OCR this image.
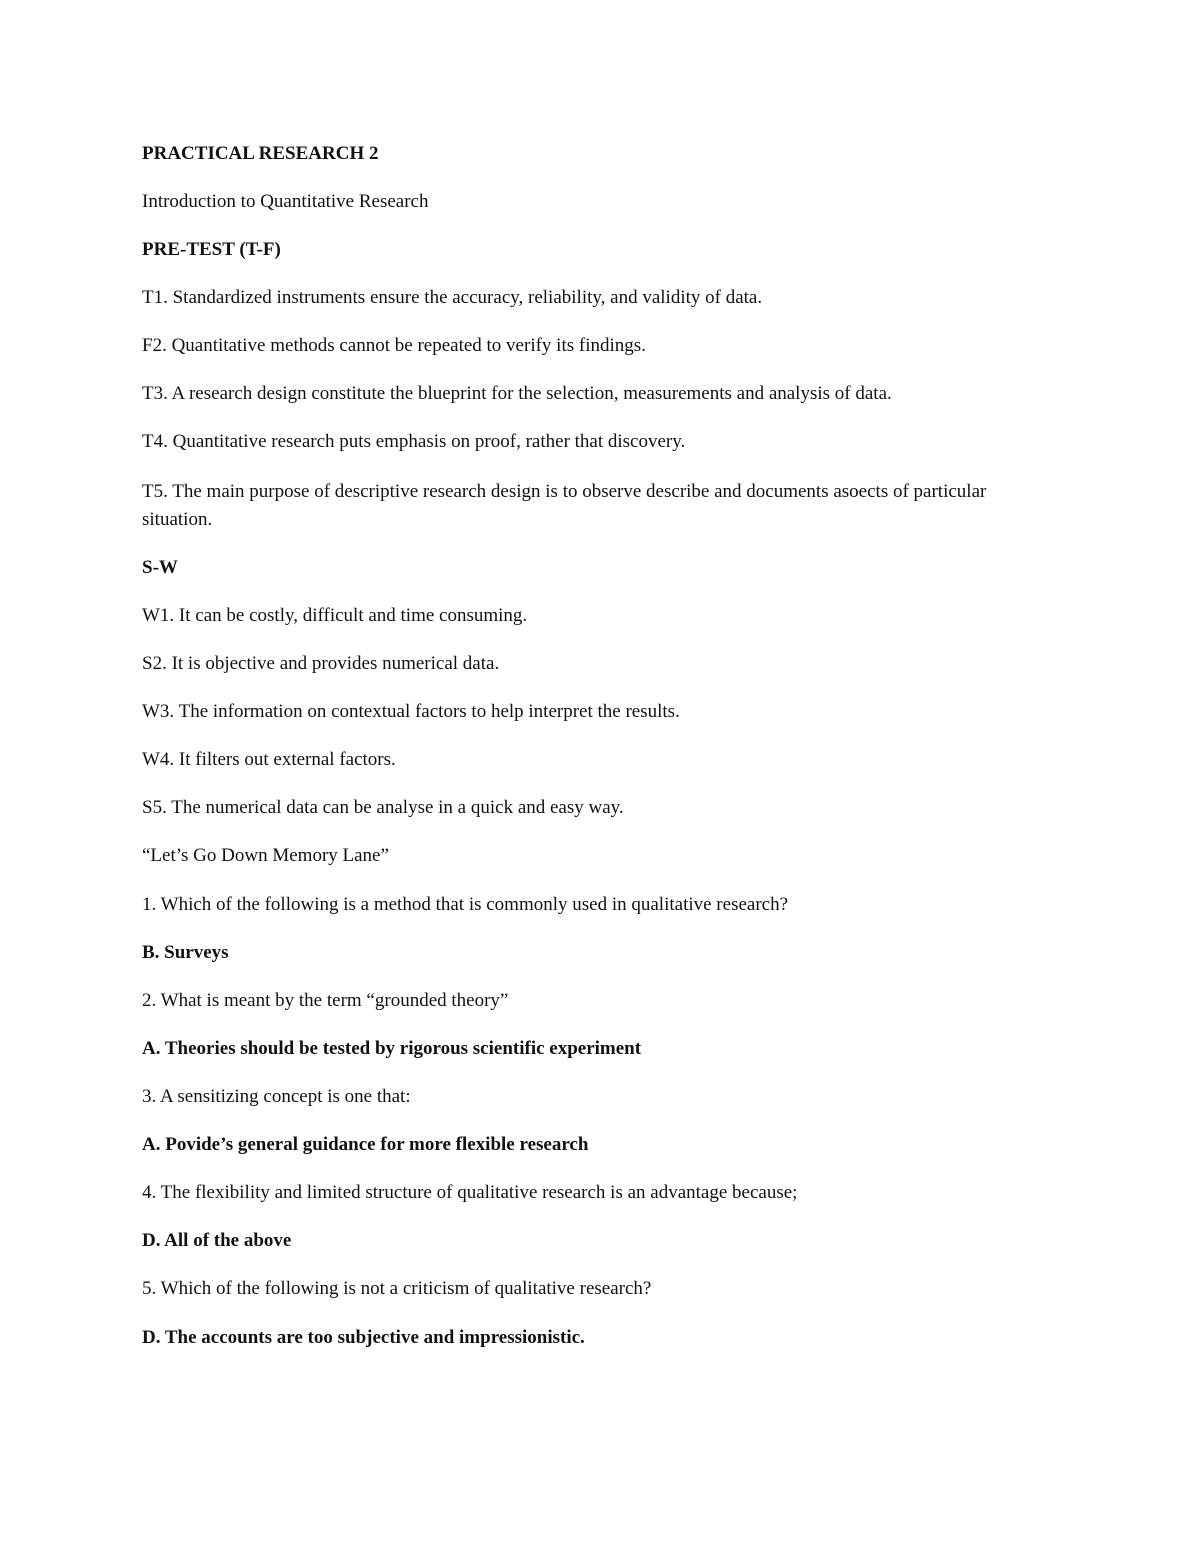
PRACTICAL RESEARCH 2
Introduction to Quantitative Research
PRE-TEST (T-F)
T1. Standardized instruments ensure the accuracy, reliability, and validity of data.
F2. Quantitative methods cannot be repeated to verify its findings.
T3. A research design constitute the blueprint for the selection, measurements and analysis of data.
T4. Quantitative research puts emphasis on proof, rather that discovery.
T5. The main purpose of descriptive research design is to observe describe and documents asoects of particular situation.
S-W
W1. It can be costly, difficult and time consuming.
S2. It is objective and provides numerical data.
W3. The information on contextual factors to help interpret the results.
W4. It filters out external factors.
S5. The numerical data can be analyse in a quick and easy way.
“Let’s Go Down Memory Lane”
1. Which of the following is a method that is commonly used in qualitative research?
B. Surveys
2. What is meant by the term “grounded theory”
A. Theories should be tested by rigorous scientific experiment
3. A sensitizing concept is one that:
A. Povide’s general guidance for more flexible research
4. The flexibility and limited structure of qualitative research is an advantage because;
D. All of the above
5. Which of the following is not a criticism of qualitative research?
D. The accounts are too subjective and impressionistic.
